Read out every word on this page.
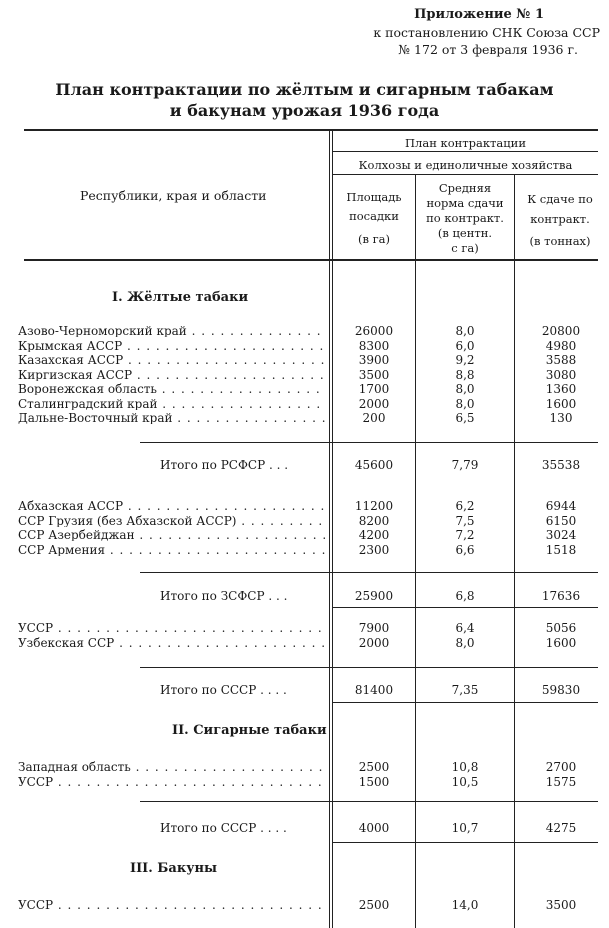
Приложение № 1
к постановлению СНК Союза ССР
№ 172 от 3 февраля 1936 г.
План контрактации по жёлтым и сигарным табакам
и бакунам урожая 1936 года
Республики, края и области
План контрактации
Колхозы и единоличные хозяйства
Площадь
посадки
(в га)
Средняя
норма сдачи
по контракт.
(в центн.
с га)
К сдаче по
контракт.
(в тоннах)
I. Жёлтые табаки
Азово-Черноморский край . . .	26000	8,0	20800
Крымская АССР . . .	8300	6,0	4980
Казахская АССР . . .	3900	9,2	3588
Киргизская АССР . . .	3500	8,8	3080
Воронежская область . . .	1700	8,0	1360
Сталинградский край . . .	2000	8,0	1600
Дальне-Восточный край . . .	200	6,5	130
Итого по РСФСР . . .	45600	7,79	35538
Абхазская АССР . . .	11200	6,2	6944
ССР Грузия (без Абхазской АССР) . . .	8200	7,5	6150
ССР Азербейджан . . .	4200	7,2	3024
ССР Армения . . .	2300	6,6	1518
Итого по ЗСФСР . . .	25900	6,8	17636
УССР . . .	7900	6,4	5056
Узбекская ССР . . .	2000	8,0	1600
Итого по СССР . . . .	81400	7,35	59830
II. Сигарные табаки
Западная область . . .	2500	10,8	2700
УССР . . .	1500	10,5	1575
Итого по СССР . . . .	4000	10,7	4275
III. Бакуны
УССР . . .	2500	14,0	3500
